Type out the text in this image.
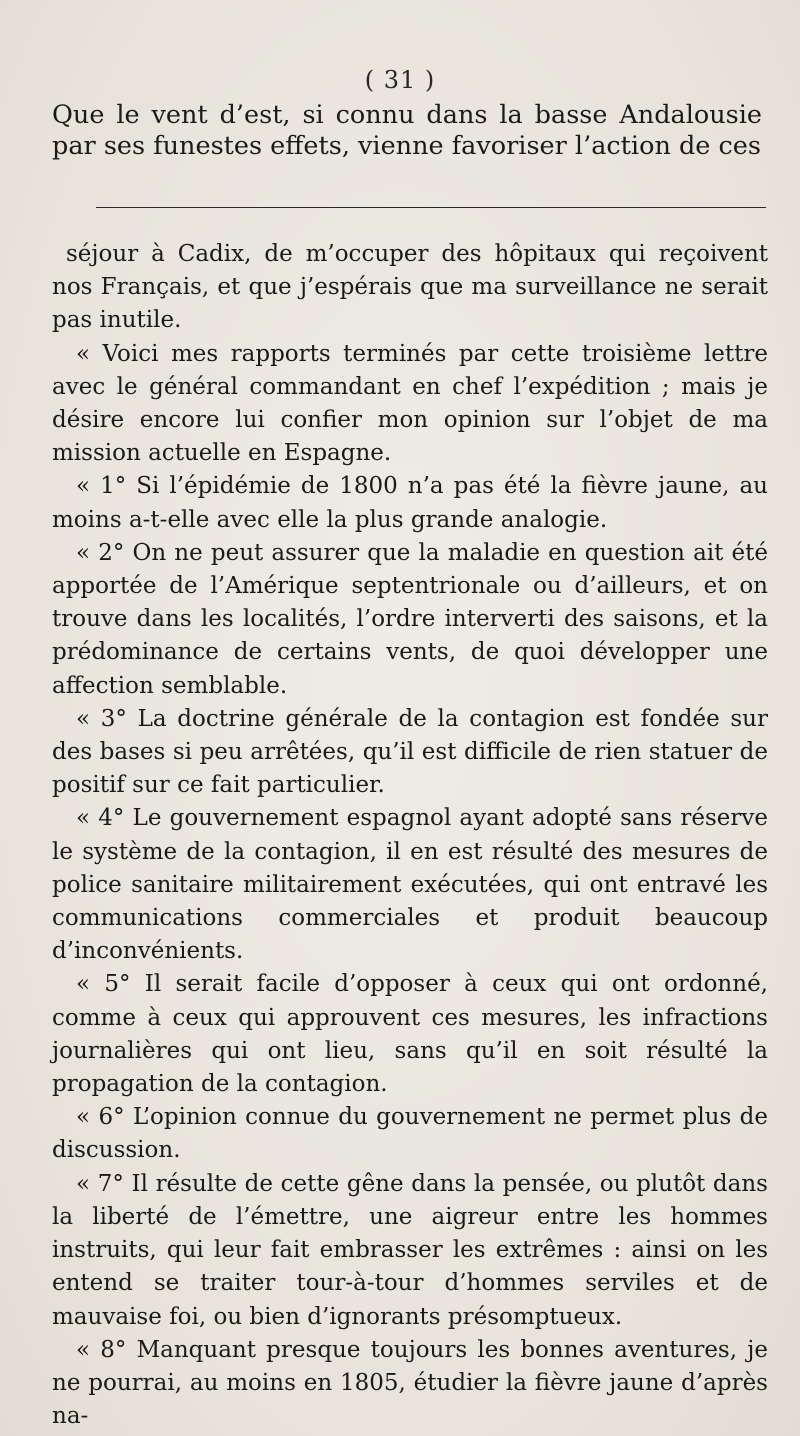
( 31 )

Que le vent d’est, si connu dans la basse Andalousie par ses funestes effets, vienne favoriser l’action de ces

séjour à Cadix, de m’occuper des hôpitaux qui reçoivent nos Français, et que j’espérais que ma surveillance ne serait pas inutile.

« Voici mes rapports terminés par cette troisième lettre avec le général commandant en chef l’expédition ; mais je désire encore lui confier mon opinion sur l’objet de ma mission actuelle en Espagne.

« 1° Si l’épidémie de 1800 n’a pas été la fièvre jaune, au moins a-t-elle avec elle la plus grande analogie.

« 2° On ne peut assurer que la maladie en question ait été apportée de l’Amérique septentrionale ou d’ailleurs, et on trouve dans les localités, l’ordre interverti des saisons, et la prédominance de certains vents, de quoi développer une affection semblable.

« 3° La doctrine générale de la contagion est fondée sur des bases si peu arrêtées, qu’il est difficile de rien statuer de positif sur ce fait particulier.

« 4° Le gouvernement espagnol ayant adopté sans réserve le système de la contagion, il en est résulté des mesures de police sanitaire militairement exécutées, qui ont entravé les communications commerciales et produit beaucoup d’inconvénients.

« 5° Il serait facile d’opposer à ceux qui ont ordonné, comme à ceux qui approuvent ces mesures, les infractions journalières qui ont lieu, sans qu’il en soit résulté la propagation de la contagion.

« 6° L’opinion connue du gouvernement ne permet plus de discussion.

« 7° Il résulte de cette gêne dans la pensée, ou plutôt dans la liberté de l’émettre, une aigreur entre les hommes instruits, qui leur fait embrasser les extrêmes : ainsi on les entend se traiter tour-à-tour d’hommes serviles et de mauvaise foi, ou bien d’ignorants présomptueux.

« 8° Manquant presque toujours les bonnes aventures, je ne pourrai, au moins en 1805, étudier la fièvre jaune d’après na-
